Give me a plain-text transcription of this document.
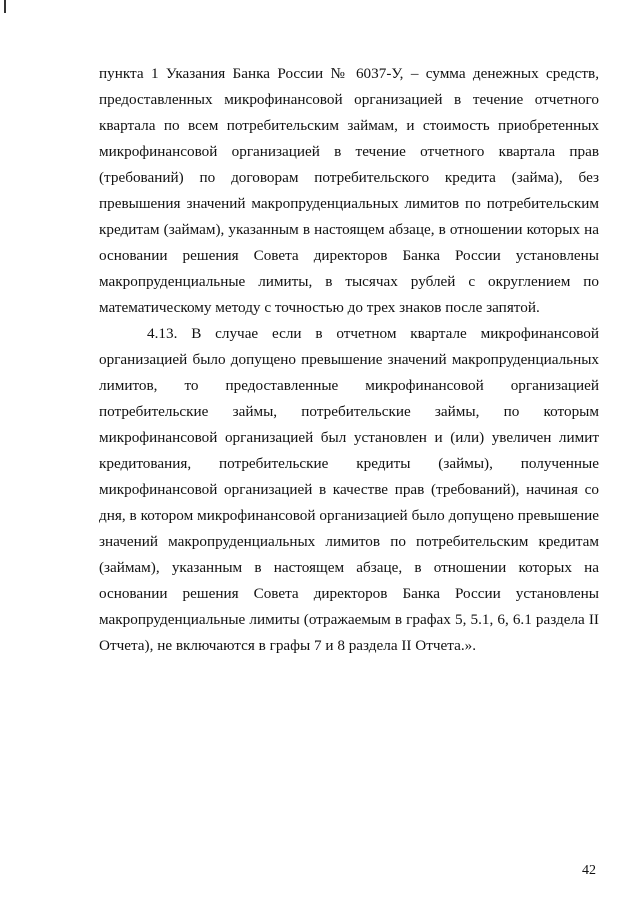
пункта 1 Указания Банка России № 6037-У, – сумма денежных средств, предоставленных микрофинансовой организацией в течение отчетного квартала по всем потребительским займам, и стоимость приобретенных микрофинансовой организацией в течение отчетного квартала прав (требований) по договорам потребительского кредита (займа), без превышения значений макропруденциальных лимитов по потребительским кредитам (займам), указанным в настоящем абзаце, в отношении которых на основании решения Совета директоров Банка России установлены макропруденциальные лимиты, в тысячах рублей с округлением по математическому методу с точностью до трех знаков после запятой.

4.13. В случае если в отчетном квартале микрофинансовой организацией было допущено превышение значений макропруденциальных лимитов, то предоставленные микрофинансовой организацией потребительские займы, потребительские займы, по которым микрофинансовой организацией был установлен и (или) увеличен лимит кредитования, потребительские кредиты (займы), полученные микрофинансовой организацией в качестве прав (требований), начиная со дня, в котором микрофинансовой организацией было допущено превышение значений макропруденциальных лимитов по потребительским кредитам (займам), указанным в настоящем абзаце, в отношении которых на основании решения Совета директоров Банка России установлены макропруденциальные лимиты (отражаемым в графах 5, 5.1, 6, 6.1 раздела II Отчета), не включаются в графы 7 и 8 раздела II Отчета.».

42
